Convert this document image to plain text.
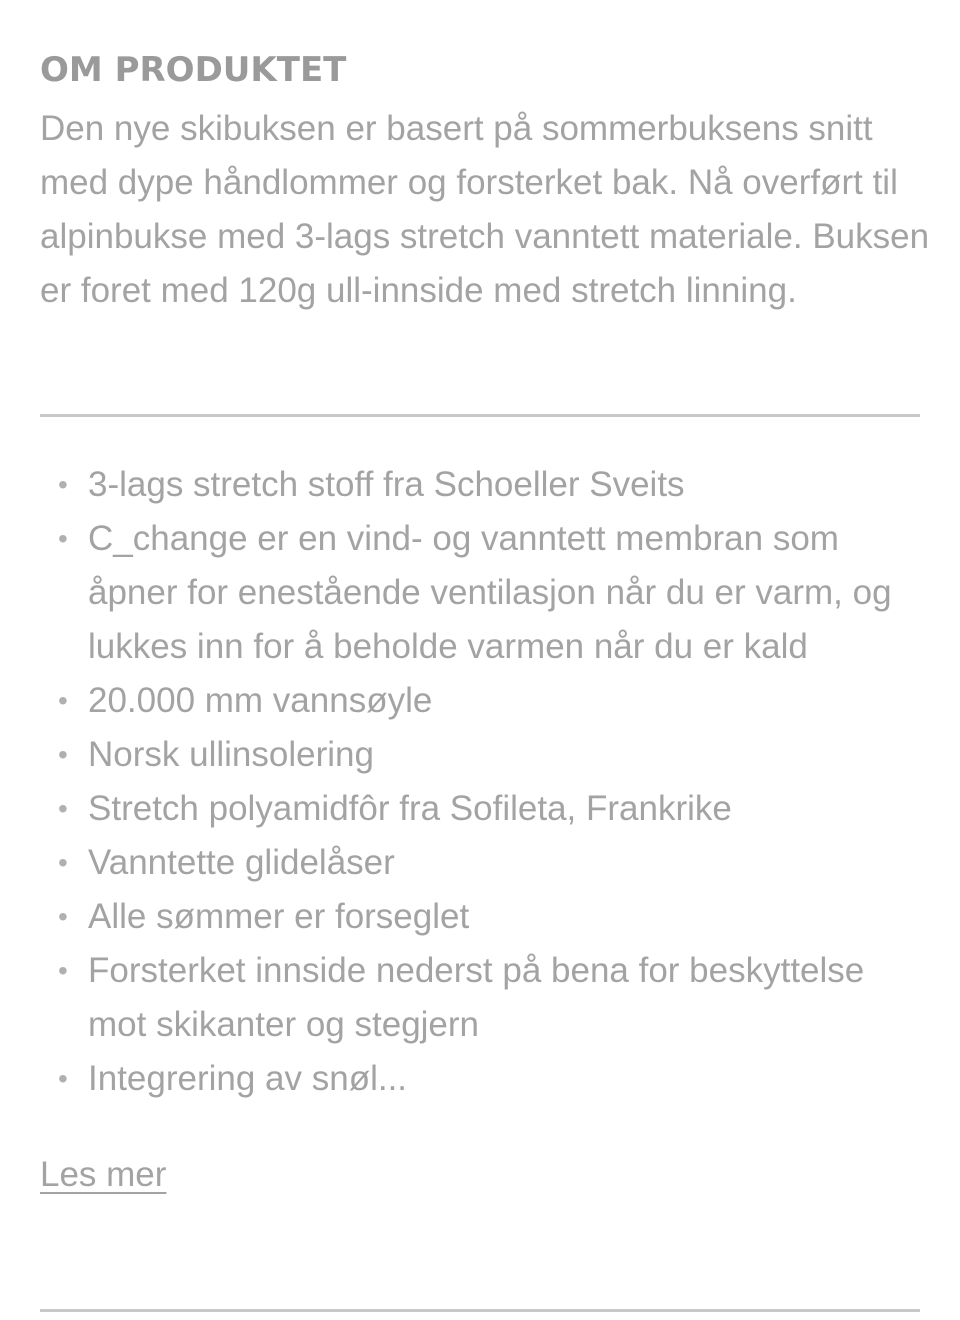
OM PRODUKTET

Den nye skibuksen er basert på sommerbuksens snitt med dype håndlommer og forsterket bak. Nå overført til alpinbukse med 3-lags stretch vanntett materiale. Buksen er foret med 120g ull-innside med stretch linning.

• 3-lags stretch stoff fra Schoeller Sveits
• C_change er en vind- og vanntett membran som åpner for enestående ventilasjon når du er varm, og lukkes inn for å beholde varmen når du er kald
• 20.000 mm vannsøyle
• Norsk ullinsolering
• Stretch polyamidfôr fra Sofileta, Frankrike
• Vanntette glidelåser
• Alle sømmer er forseglet
• Forsterket innside nederst på bena for beskyttelse mot skikanter og stegjern
• Integrering av snøl...
Les mer
